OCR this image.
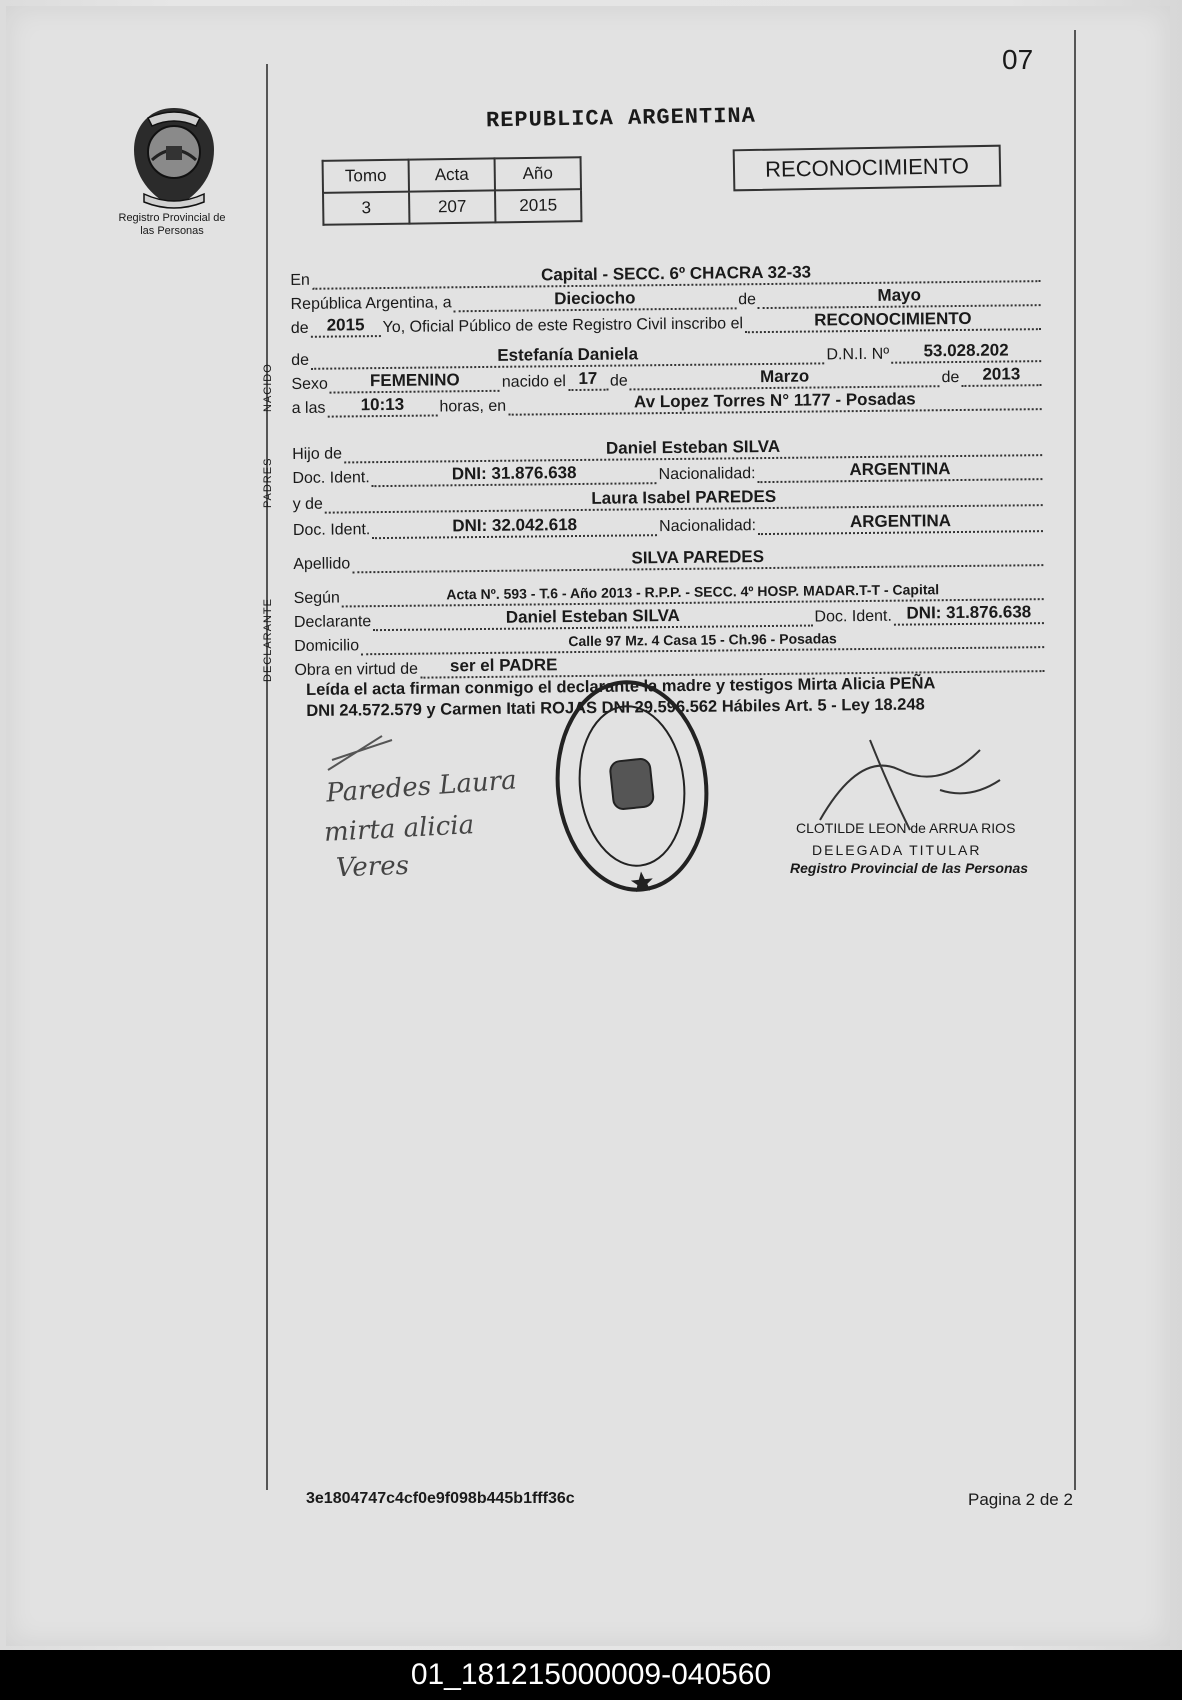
07
Registro Provincial de las Personas
REPUBLICA ARGENTINA
Tomo	Acta	Año
3	207	2015
RECONOCIMIENTO
NACIDO
PADRES
DECLARANTE
En	Capital - SECC. 6º CHACRA 32-33
República Argentina, a	Dieciocho	de	Mayo
de	2015	Yo, Oficial Público de este Registro Civil inscribo el	RECONOCIMIENTO
de	Estefanía Daniela	D.N.I. Nº	53.028.202
Sexo	FEMENINO	nacido el 17 de	Marzo	de	2013
a las	10:13	horas, en	Av Lopez Torres N° 1177 - Posadas
Hijo de	Daniel Esteban SILVA
Doc. Ident.	DNI: 31.876.638	Nacionalidad:	ARGENTINA
y de	Laura Isabel PAREDES
Doc. Ident.	DNI: 32.042.618	Nacionalidad:	ARGENTINA
Apellido	SILVA PAREDES
Según	Acta Nº. 593 - T.6 - Año 2013 - R.P.P. - SECC. 4º HOSP. MADAR.T-T - Capital
Declarante	Daniel Esteban SILVA	Doc. Ident. DNI: 31.876.638
Domicilio	Calle 97 Mz. 4 Casa 15 - Ch.96 - Posadas
Obra en virtud de	ser el PADRE
Leída el acta firman conmigo el declarante la madre y testigos Mirta Alicia PEÑA
DNI 24.572.579 y Carmen Itati ROJAS DNI 29.596.562 Hábiles Art. 5 - Ley 18.248
Paredes Laura
mirta alicia
Veres
CLOTILDE LEON de ARRUA RIOS
DELEGADA TITULAR
Registro Provincial de las Personas
3e1804747c4cf0e9f098b445b1fff36c	Pagina 2 de 2
01_181215000009-040560
